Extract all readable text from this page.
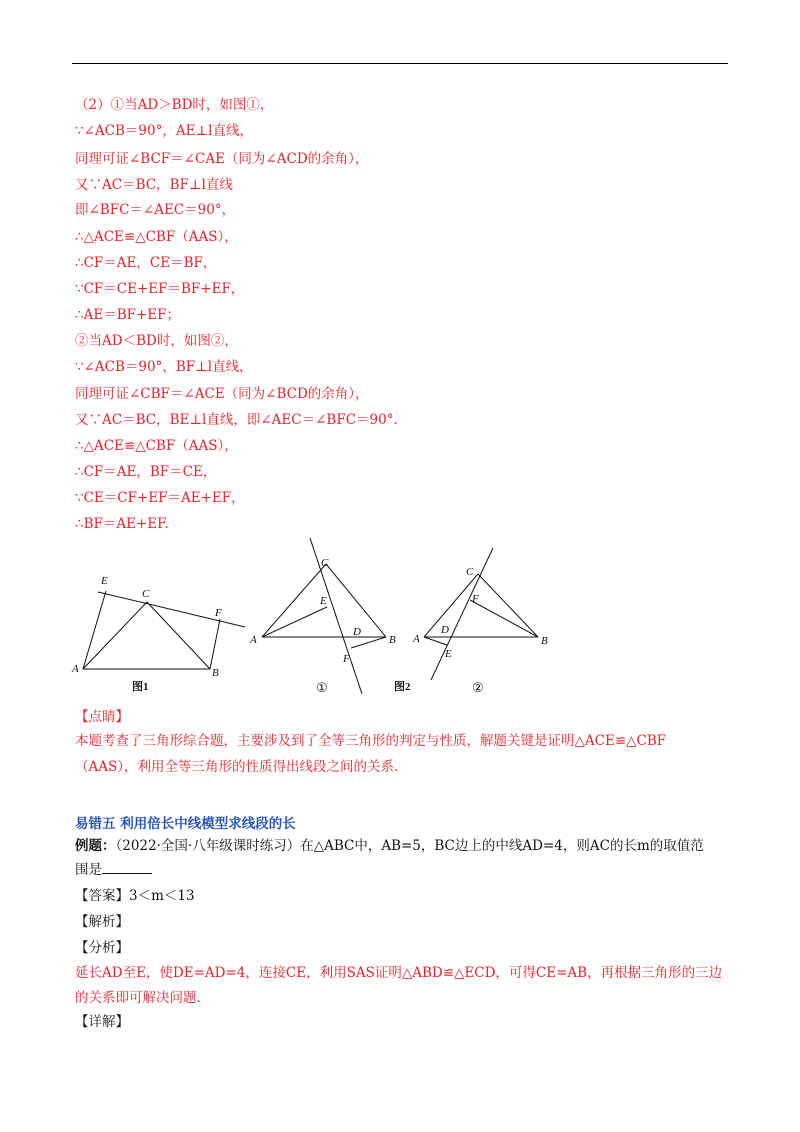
（2）①当AD＞BD时，如图①，
∵∠ACB＝90°，AE⊥l直线，
同理可证∠BCF＝∠CAE（同为∠ACD的余角），
又∵AC＝BC，BF⊥l直线
即∠BFC＝∠AEC＝90°，
∴△ACE≌△CBF（AAS），
∴CF＝AE，CE＝BF，
∵CF＝CE+EF＝BF+EF，
∴AE＝BF+EF；
②当AD＜BD时，如图②，
∵∠ACB＝90°，BF⊥l直线，
同理可证∠CBF＝∠ACE（同为∠BCD的余角），
又∵AC＝BC，BE⊥l直线，即∠AEC＝∠BFC＝90°．
∴△ACE≌△CBF（AAS），
∴CF＝AE，BF＝CE，
∵CE＝CF+EF＝AE+EF，
∴BF＝AE+EF.
E
C
F
A	B
图1
C
E
A
D
B
F
①
C
F
A
D
B
E
图2	②
【点睛】
本题考查了三角形综合题，主要涉及到了全等三角形的判定与性质，解题关键是证明△ACE≌△CBF
（AAS），利用全等三角形的性质得出线段之间的关系.
易错五 利用倍长中线模型求线段的长
例题：（2022·全国·八年级课时练习）在△ABC中，AB=5，BC边上的中线AD=4，则AC的长m的取值范
围是
【答案】3＜m＜13
【解析】
【分析】
延长AD至E，使DE=AD=4，连接CE，利用SAS证明△ABD≌△ECD，可得CE=AB，再根据三角形的三边
的关系即可解决问题.
【详解】
